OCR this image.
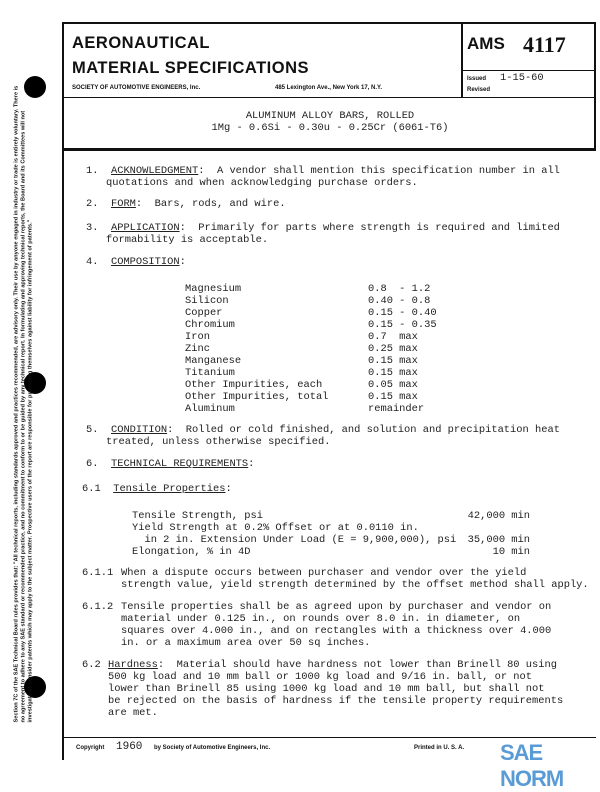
Section 7C of the SAE Technical Board rules provides that: "All technical reports, including standards approved and practices recommended, are advisory only. Their use by anyone engaged in industry or trade is entirely voluntary. There is no agreement to adhere to any SAE standard or recommended practice, and no commitment to conform to or be guided by any technical report. In formulating and approving technical reports, the Board and its Committees will not investigate or consider patents which may apply to the subject matter. Prospective users of the report are responsible for protecting themselves against liability for infringement of patents."
AERONAUTICAL
MATERIAL SPECIFICATIONS
SOCIETY OF AUTOMOTIVE ENGINEERS, Inc.	485 Lexington Ave., New York 17, N.Y.
AMS 4117
Issued 1-15-60
Revised
ALUMINUM ALLOY BARS, ROLLED
1Mg - 0.6Si - 0.30u - 0.25Cr (6061-T6)
1. ACKNOWLEDGMENT:  A vendor shall mention this specification number in all
quotations and when acknowledging purchase orders.
2. FORM:  Bars, rods, and wire.
3. APPLICATION:  Primarily for parts where strength is required and limited
formability is acceptable.
4. COMPOSITION:
Magnesium	0.8  - 1.2
Silicon	0.40 - 0.8
Copper	0.15 - 0.40
Chromium	0.15 - 0.35
Iron	0.7  max
Zinc	0.25 max
Manganese	0.15 max
Titanium	0.15 max
Other Impurities, each	0.05 max
Other Impurities, total	0.15 max
Aluminum	remainder
5. CONDITION:  Rolled or cold finished, and solution and precipitation heat
treated, unless otherwise specified.
6. TECHNICAL REQUIREMENTS:
6.1 Tensile Properties:
Tensile Strength, psi	42,000 min
Yield Strength at 0.2% Offset or at 0.0110 in.
in 2 in. Extension Under Load (E = 9,900,000), psi 35,000 min
Elongation, % in 4D	10 min
6.1.1 When a dispute occurs between purchaser and vendor over the yield
strength value, yield strength determined by the offset method shall apply.
6.1.2 Tensile properties shall be as agreed upon by purchaser and vendor on
material under 0.125 in., on rounds over 8.0 in. in diameter, on
squares over 4.000 in., and on rectangles with a thickness over 4.000
in. or a maximum area over 50 sq inches.
6.2 Hardness:  Material should have hardness not lower than Brinell 80 using
500 kg load and 10 mm ball or 1000 kg load and 9/16 in. ball, or not
lower than Brinell 85 using 1000 kg load and 10 mm ball, but shall not
be rejected on the basis of hardness if the tensile property requirements
are met.
Copyright 1960 by Society of Automotive Engineers, Inc.	Printed in U. S. A. SAE NORM
